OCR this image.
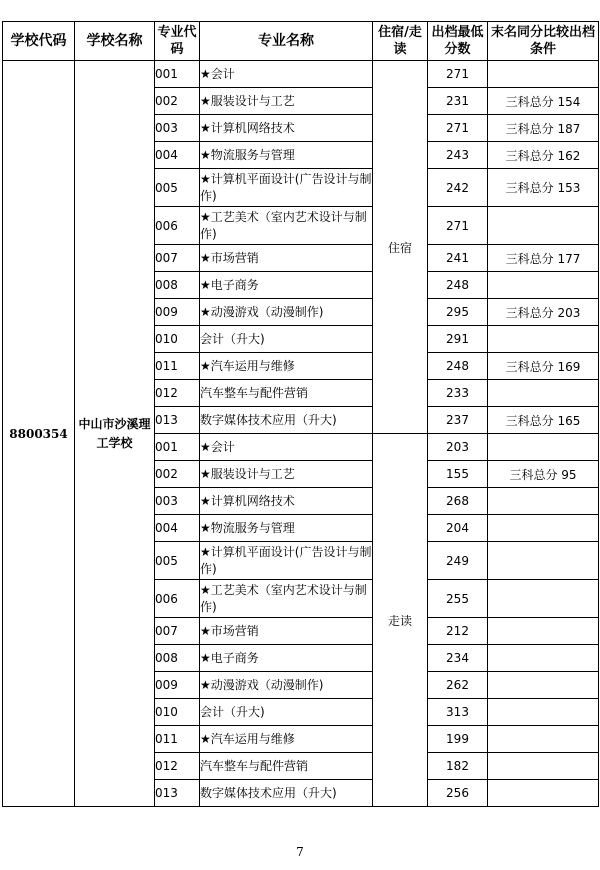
学校代码	学校名称	专业代码	专业名称	住宿/走读	出档最低分数	末名同分比较出档条件
8800354	中山市沙溪理工学校	001	★会计	住宿	271	
		002	★服装设计与工艺		231	三科总分 154
		003	★计算机网络技术		271	三科总分 187
		004	★物流服务与管理		243	三科总分 162
		005	★计算机平面设计(广告设计与制作)		242	三科总分 153
		006	★工艺美术（室内艺术设计与制作)		271	
		007	★市场营销		241	三科总分 177
		008	★电子商务		248	
		009	★动漫游戏（动漫制作)		295	三科总分 203
		010	会计（升大)		291	
		011	★汽车运用与维修		248	三科总分 169
		012	汽车整车与配件营销		233	
		013	数字媒体技术应用（升大)		237	三科总分 165
		001	★会计	走读	203	
		002	★服装设计与工艺		155	三科总分 95
		003	★计算机网络技术		268	
		004	★物流服务与管理		204	
		005	★计算机平面设计(广告设计与制作)		249	
		006	★工艺美术（室内艺术设计与制作)		255	
		007	★市场营销		212	
		008	★电子商务		234	
		009	★动漫游戏（动漫制作)		262	
		010	会计（升大)		313	
		011	★汽车运用与维修		199	
		012	汽车整车与配件营销		182	
		013	数字媒体技术应用（升大)		256	
7
